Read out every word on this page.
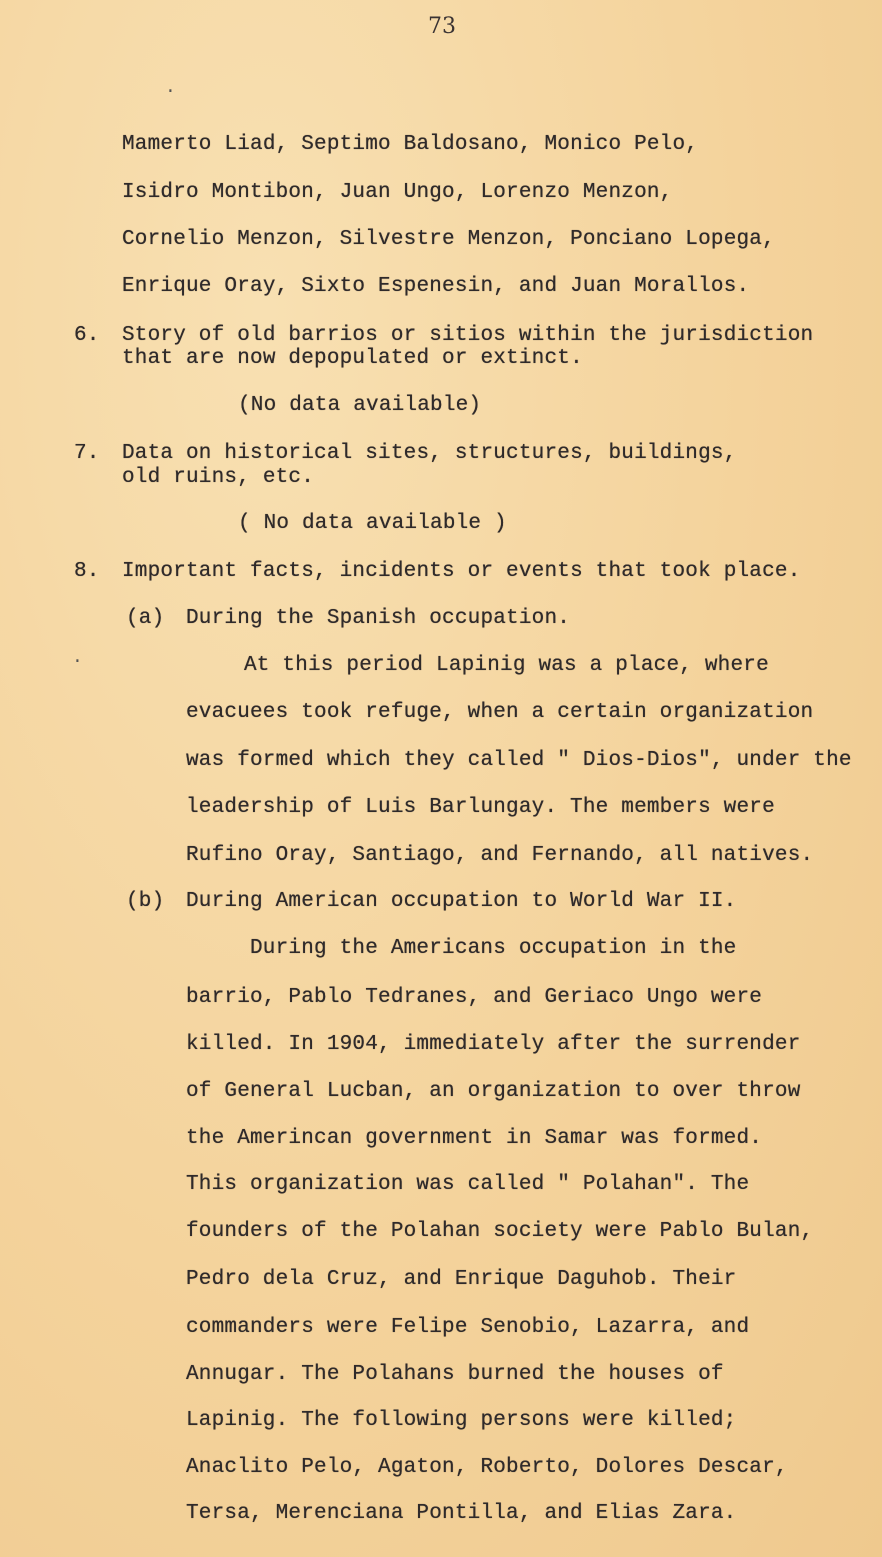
73
·
·
Mamerto Liad, Septimo Baldosano, Monico Pelo,
Isidro Montibon, Juan Ungo, Lorenzo Menzon,
Cornelio Menzon, Silvestre Menzon, Ponciano Lopega,
Enrique Oray, Sixto Espenesin, and Juan Morallos.
6. Story of old barrios or sitios within the jurisdiction
that are now depopulated or extinct.
(No data available)
7. Data on historical sites, structures, buildings,
old ruins, etc.
( No data available )
8. Important facts, incidents or events that took place.
(a) During the Spanish occupation.
At this period Lapinig was a place, where
evacuees took refuge, when a certain organization
was formed which they called " Dios-Dios", under the
leadership of Luis Barlungay. The members were
Rufino Oray, Santiago, and Fernando, all natives.
(b) During American occupation to World War II.
During the Americans occupation in the
barrio, Pablo Tedranes, and Geriaco Ungo were
killed. In 1904, immediately after the surrender
of General Lucban, an organization to over throw
the Amerincan government in Samar was formed.
This organization was called " Polahan". The
founders of the Polahan society were Pablo Bulan,
Pedro dela Cruz, and Enrique Daguhob. Their
commanders were Felipe Senobio, Lazarra, and
Annugar. The Polahans burned the houses of
Lapinig. The following persons were killed;
Anaclito Pelo, Agaton, Roberto, Dolores Descar,
Tersa, Merenciana Pontilla, and Elias Zara.
